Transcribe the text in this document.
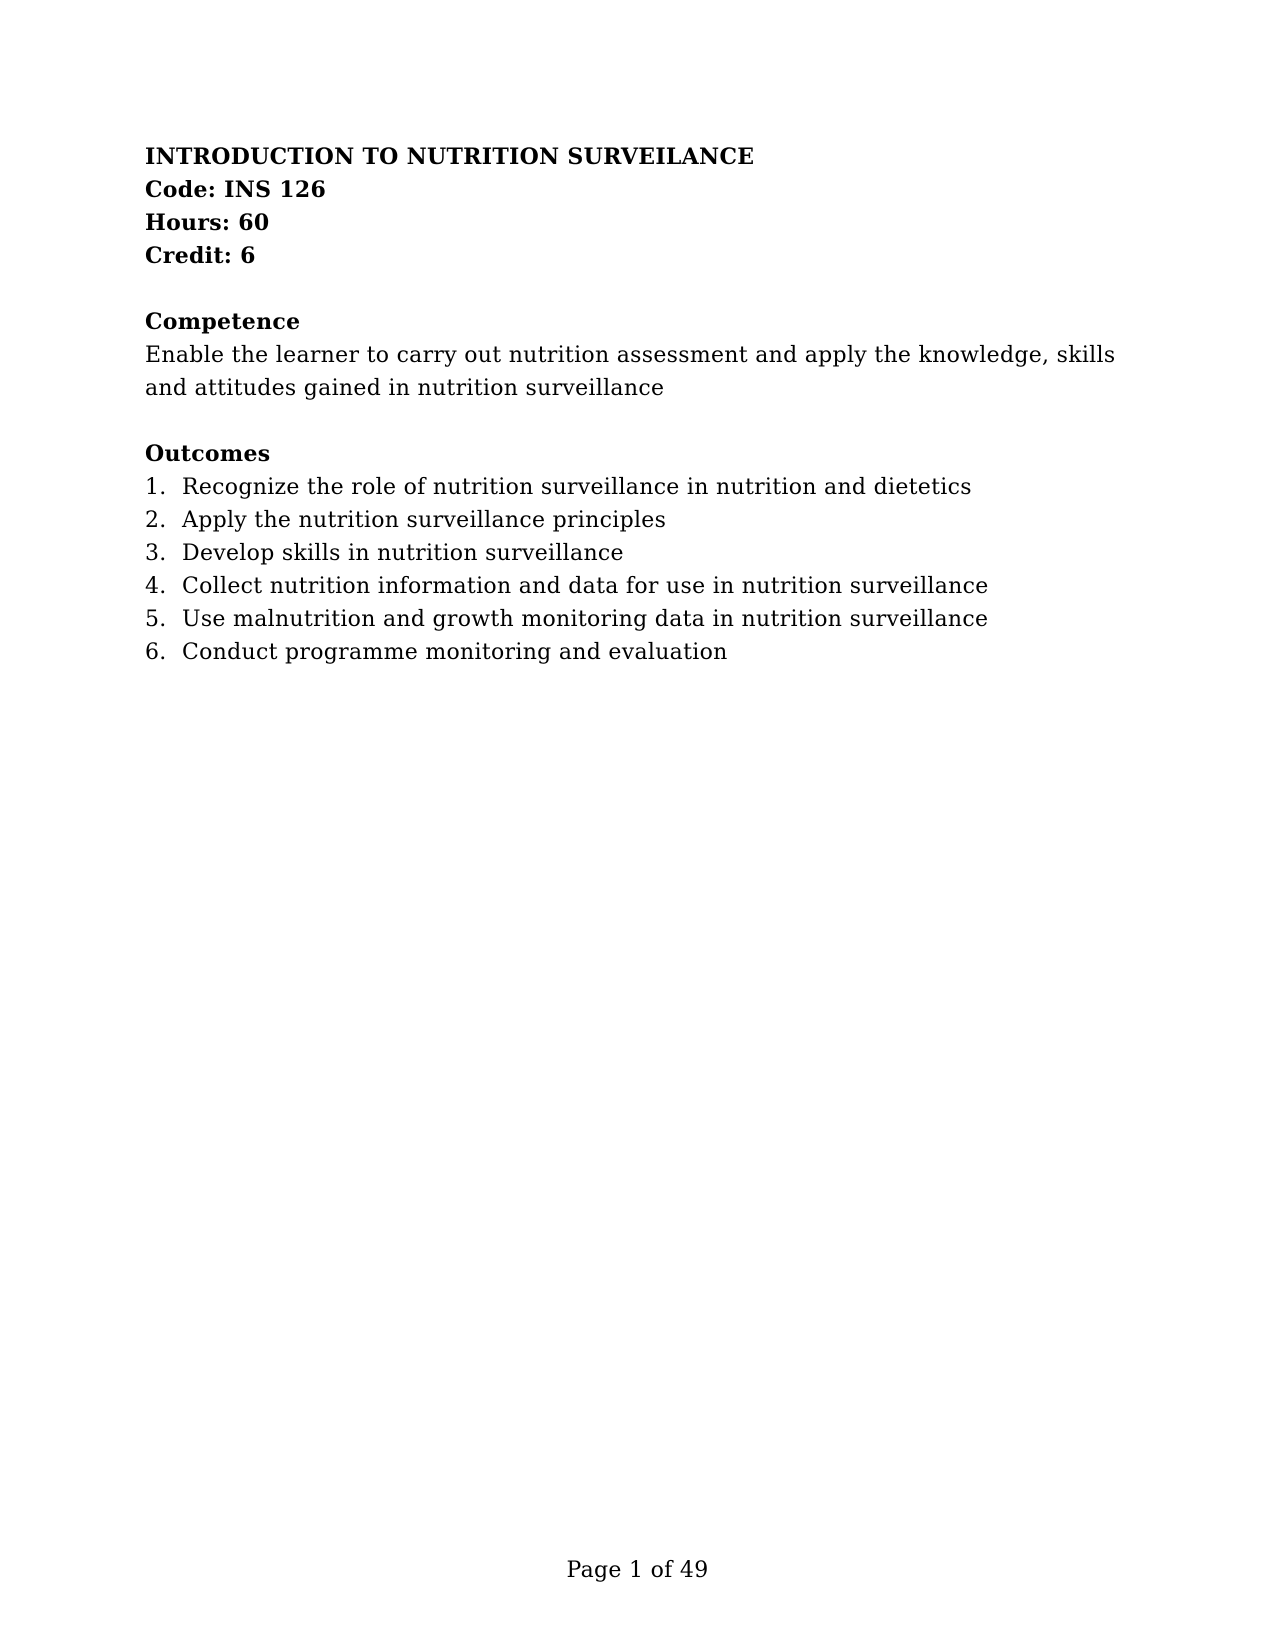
INTRODUCTION TO NUTRITION SURVEILANCE

Code: INS 126

Hours: 60

Credit: 6

Competence

Enable the learner to carry out nutrition assessment and apply the knowledge, skills and attitudes gained in nutrition surveillance

Outcomes

1. Recognize the role of nutrition surveillance in nutrition and dietetics
2. Apply the nutrition surveillance principles
3. Develop skills in nutrition surveillance
4. Collect nutrition information and data for use in nutrition surveillance
5. Use malnutrition and growth monitoring data in nutrition surveillance
6. Conduct programme monitoring and evaluation
Page 1 of 49
